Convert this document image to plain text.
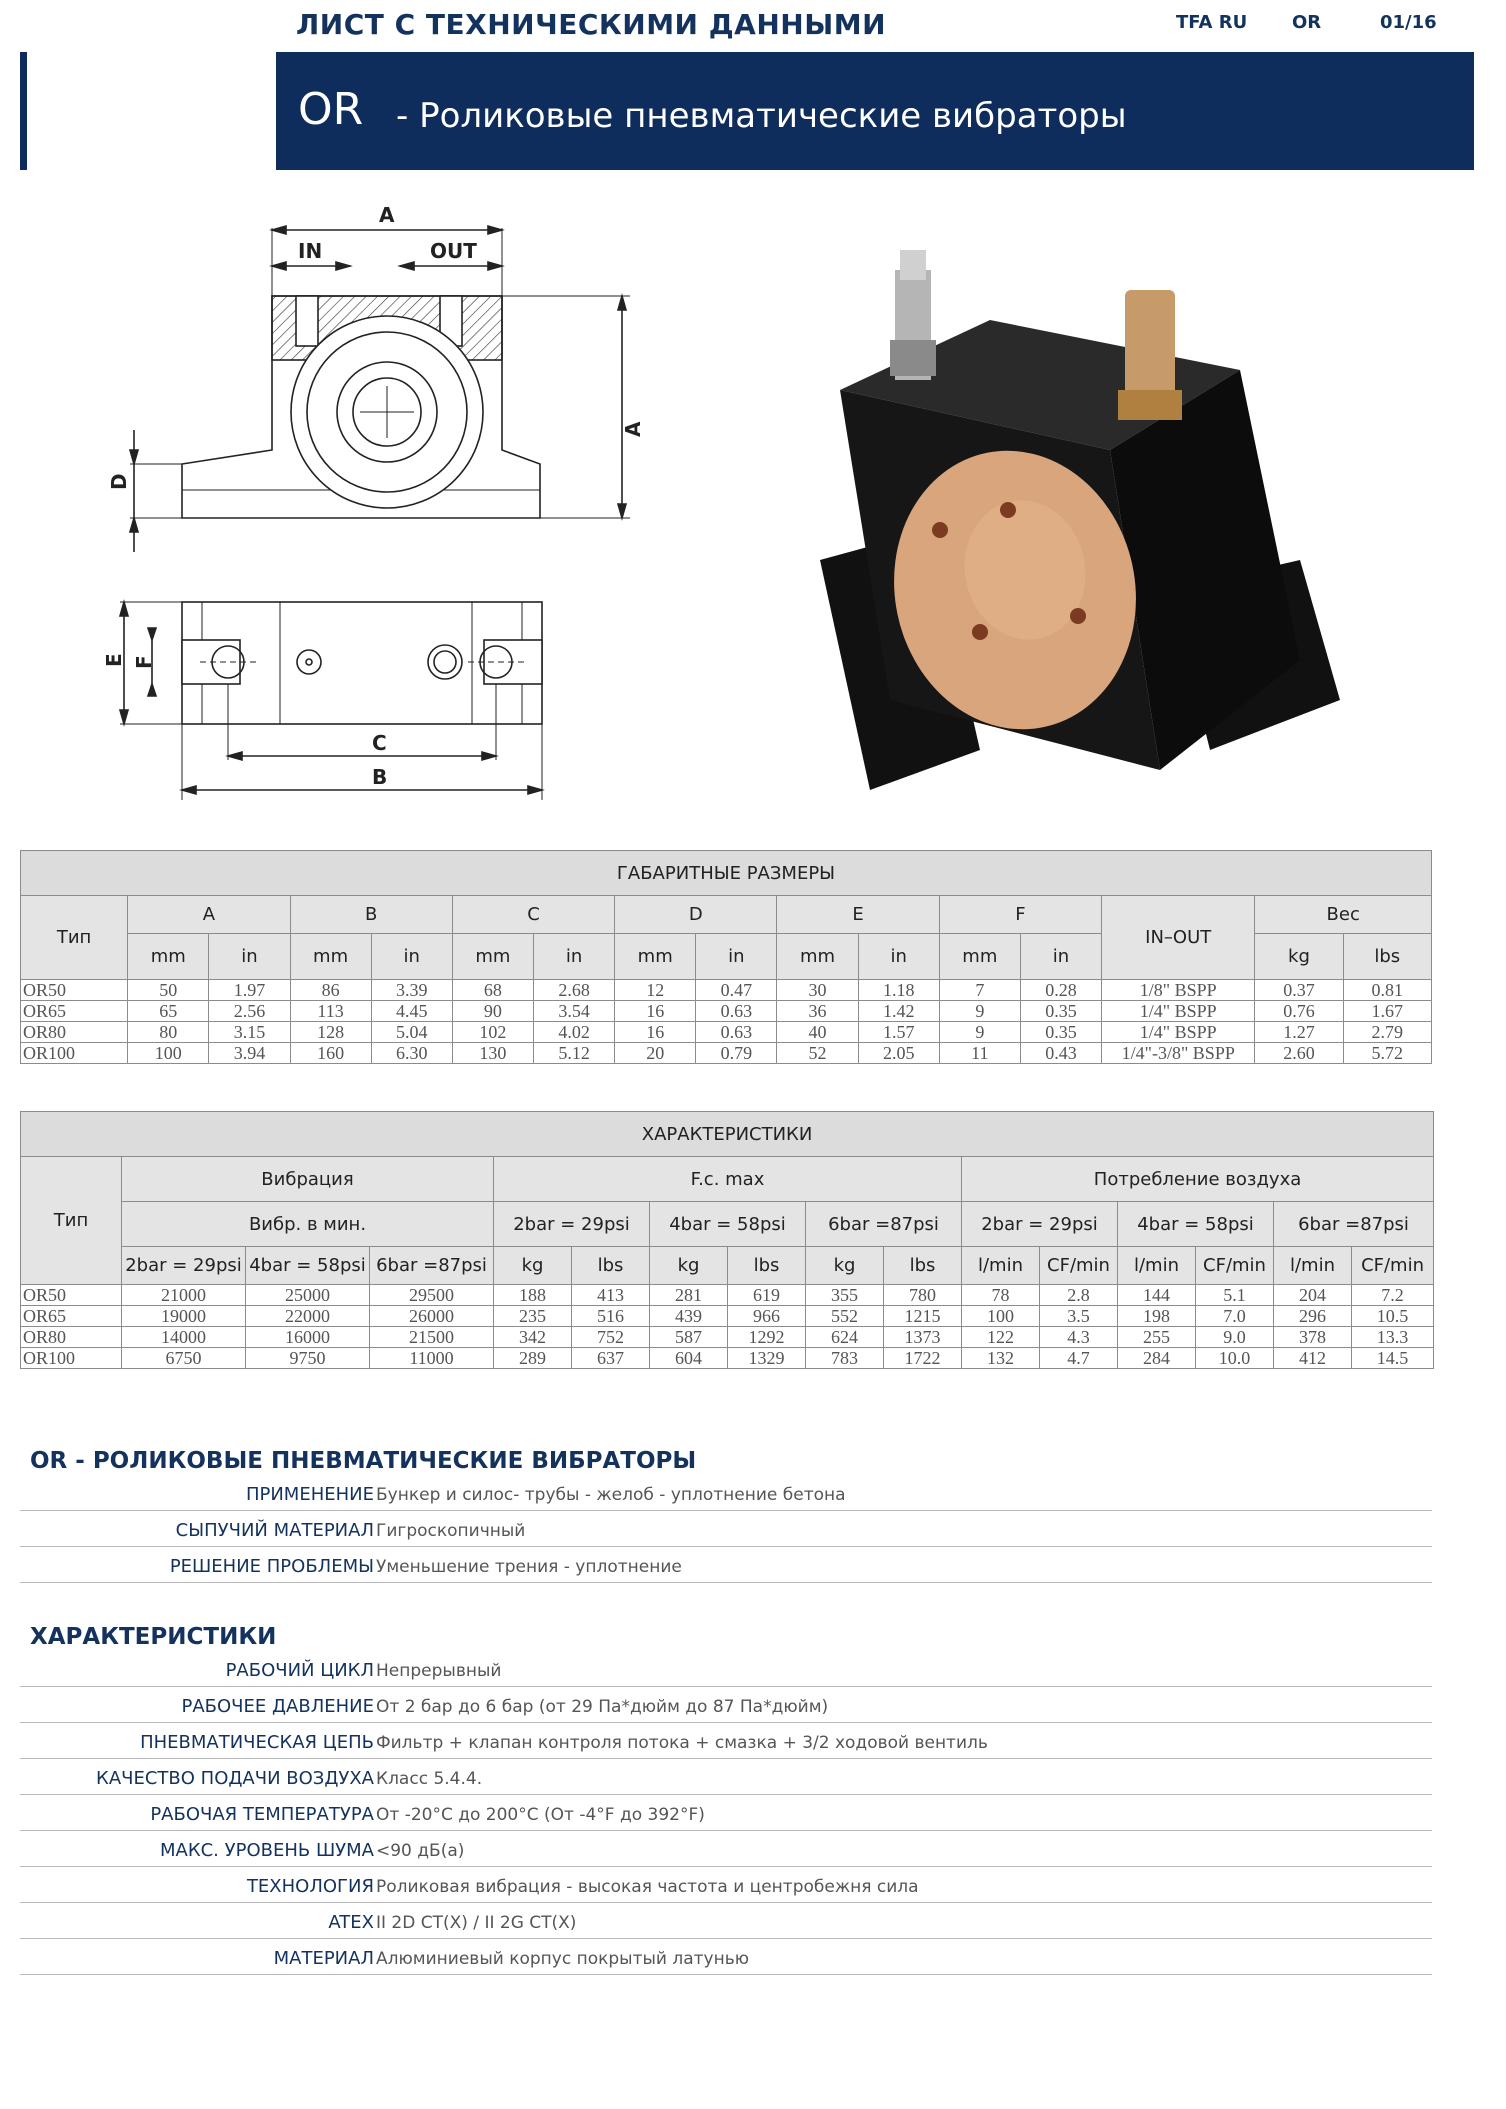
ЛИСТ С ТЕХНИЧЕСКИМИ ДАННЫМИ	TFA RU OR	01/16
OR - Роликовые пневматические вибраторы
A
IN	OUT
A
D
E F
C
B
ГАБАРИТНЫЕ РАЗМЕРЫ															
Тип	A		B		C		D		E		F		IN–OUT	Вес	
	mm	in	mm	in	mm	in	mm	in	mm	in	mm	in		kg	lbs
OR50	50	1.97	86	3.39	68	2.68	12	0.47	30	1.18	7	0.28	1/8" BSPP	0.37	0.81
OR65	65	2.56	113	4.45	90	3.54	16	0.63	36	1.42	9	0.35	1/4" BSPP	0.76	1.67
OR80	80	3.15	128	5.04	102	4.02	16	0.63	40	1.57	9	0.35	1/4" BSPP	1.27	2.79
OR100	100	3.94	160	6.30	130	5.12	20	0.79	52	2.05	11	0.43	1/4"-3/8" BSPP	2.60	5.72
ХАРАКТЕРИСТИКИ															
Тип	Вибрация			F.c. max						Потребление воздуха					
	Вибр. в мин.			2bar = 29psi		4bar = 58psi		6bar =87psi		2bar = 29psi		4bar = 58psi		6bar =87psi	
	2bar = 29psi	4bar = 58psi	6bar =87psi	kg	lbs	kg	lbs	kg	lbs	l/min	CF/min	l/min	CF/min	l/min	CF/min
OR50	21000	25000	29500	188	413	281	619	355	780	78	2.8	144	5.1	204	7.2
OR65	19000	22000	26000	235	516	439	966	552	1215	100	3.5	198	7.0	296	10.5
OR80	14000	16000	21500	342	752	587	1292	624	1373	122	4.3	255	9.0	378	13.3
OR100	6750	9750	11000	289	637	604	1329	783	1722	132	4.7	284	10.0	412	14.5
OR - РОЛИКОВЫЕ ПНЕВМАТИЧЕСКИЕ ВИБРАТОРЫ
ПРИМЕНЕНИЕ Бункер и силос- трубы - желоб - уплотнение бетона
СЫПУЧИЙ МАТЕРИАЛ Гигроскопичный
РЕШЕНИЕ ПРОБЛЕМЫ Уменьшение трения - уплотнение
ХАРАКТЕРИСТИКИ
РАБОЧИЙ ЦИКЛ Непрерывный
РАБОЧЕЕ ДАВЛЕНИЕ От 2 бар до 6 бар (от 29 Па*дюйм до 87 Па*дюйм)
ПНЕВМАТИЧЕСКАЯ ЦЕПЬ Фильтр + клапан контроля потока + смазка + 3/2 ходовой вентиль
КАЧЕСТВО ПОДАЧИ ВОЗДУХА Класс 5.4.4.
РАБОЧАЯ ТЕМПЕРАТУРА От -20°C до 200°C (От -4°F до 392°F)
МАКС. УРОВЕНЬ ШУМА <90 дБ(а)
ТЕХНОЛОГИЯ Роликовая вибрация - высокая частота и центробежня сила
ATEX II 2D CT(X) / II 2G CT(X)
МАТЕРИАЛ Алюминиевый корпус покрытый латунью
